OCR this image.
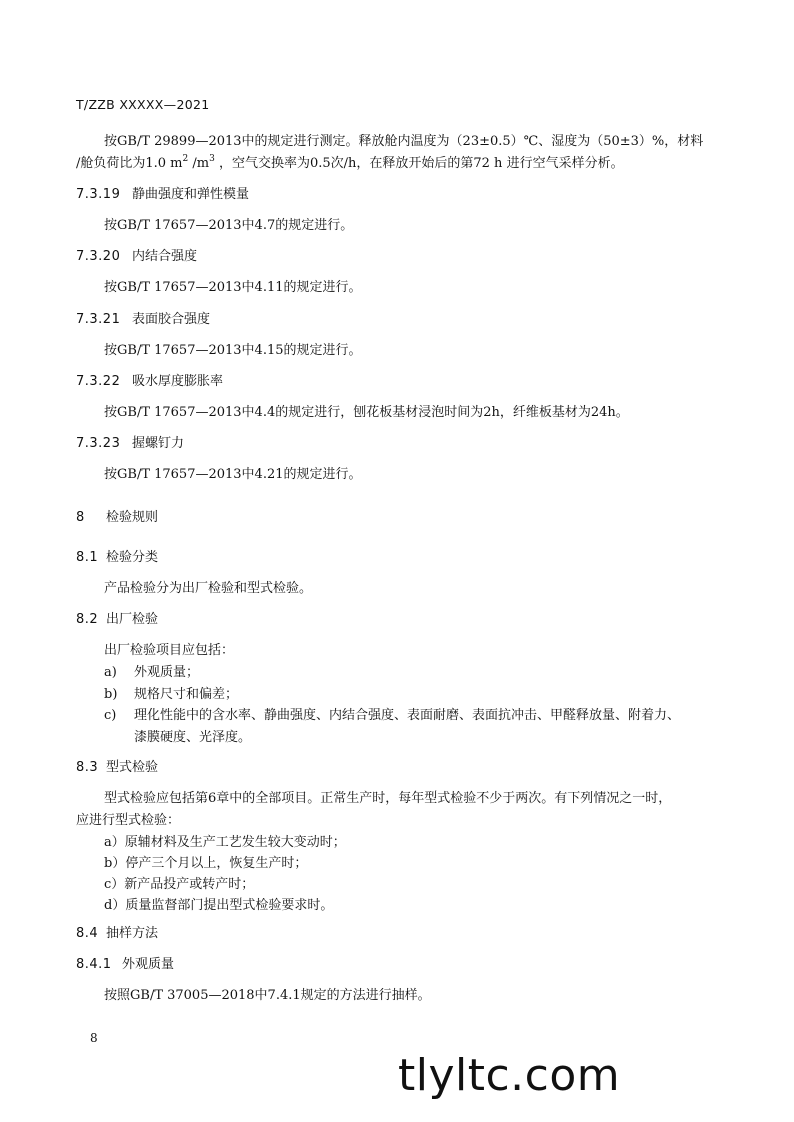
T/ZZB XXXXX—2021
按GB/T 29899—2013中的规定进行测定。释放舱内温度为（23±0.5）℃、湿度为（50±3）%，材料
/舱负荷比为1.0 $m^2$ $/m^3$ ，空气交换率为0.5次/h，在释放开始后的第72 h 进行空气采样分析。
7.3.19 静曲强度和弹性模量
按GB/T 17657—2013中4.7的规定进行。
7.3.20 内结合强度
按GB/T 17657—2013中4.11的规定进行。
7.3.21 表面胶合强度
按GB/T 17657—2013中4.15的规定进行。
7.3.22 吸水厚度膨胀率
按GB/T 17657—2013中4.4的规定进行，刨花板基材浸泡时间为2h，纤维板基材为24h。
7.3.23 握螺钉力
按GB/T 17657—2013中4.21的规定进行。
8 检验规则
8.1 检验分类
产品检验分为出厂检验和型式检验。
8.2 出厂检验
出厂检验项目应包括：
a) 外观质量；
b) 规格尺寸和偏差；
c) 理化性能中的含水率、静曲强度、内结合强度、表面耐磨、表面抗冲击、甲醛释放量、附着力、
漆膜硬度、光泽度。
8.3 型式检验
型式检验应包括第6章中的全部项目。正常生产时，每年型式检验不少于两次。有下列情况之一时，
应进行型式检验：
a）原辅材料及生产工艺发生较大变动时；
b）停产三个月以上，恢复生产时；
c）新产品投产或转产时；
d）质量监督部门提出型式检验要求时。
8.4 抽样方法
8.4.1 外观质量
按照GB/T 37005—2018中7.4.1规定的方法进行抽样。
8
tlyltc.com
